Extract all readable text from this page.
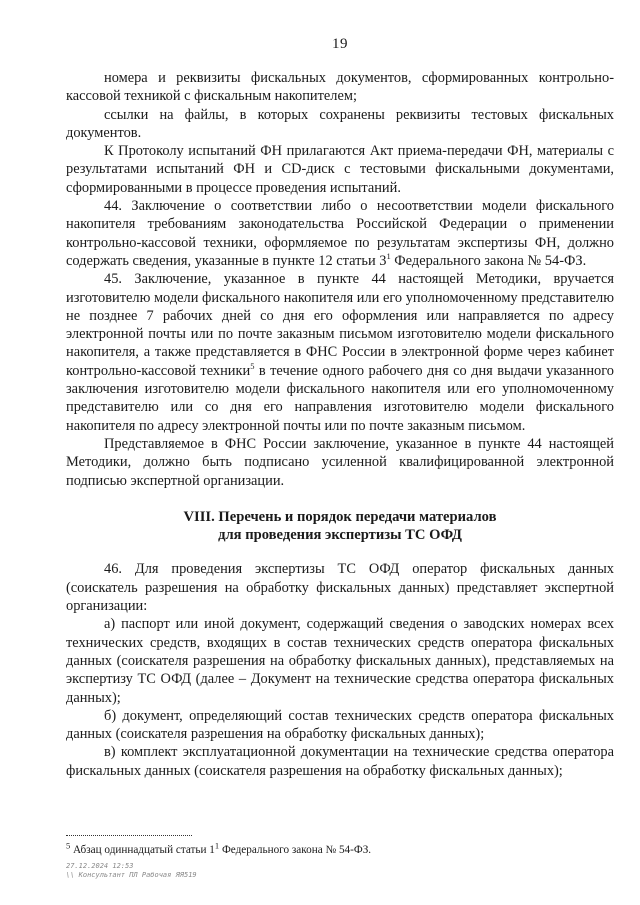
19

номера и реквизиты фискальных документов, сформированных контрольно-кассовой техникой с фискальным накопителем;

ссылки на файлы, в которых сохранены реквизиты тестовых фискальных документов.

К Протоколу испытаний ФН прилагаются Акт приема-передачи ФН, материалы с результатами испытаний ФН и CD-диск с тестовыми фискальными документами, сформированными в процессе проведения испытаний.

44. Заключение о соответствии либо о несоответствии модели фискального накопителя требованиям законодательства Российской Федерации о применении контрольно-кассовой техники, оформляемое по результатам экспертизы ФН, должно содержать сведения, указанные в пункте 12 статьи $3^1$ Федерального закона № 54-ФЗ.

45. Заключение, указанное в пункте 44 настоящей Методики, вручается изготовителю модели фискального накопителя или его уполномоченному представителю не позднее 7 рабочих дней со дня его оформления или направляется по адресу электронной почты или по почте заказным письмом изготовителю модели фискального накопителя, а также представляется в ФНС России в электронной форме через кабинет контрольно-кассовой техники$^5$ в течение одного рабочего дня со дня выдачи указанного заключения изготовителю модели фискального накопителя или его уполномоченному представителю или со дня его направления изготовителю модели фискального накопителя по адресу электронной почты или по почте заказным письмом.

Представляемое в ФНС России заключение, указанное в пункте 44 настоящей Методики, должно быть подписано усиленной квалифицированной электронной подписью экспертной организации.

VIII. Перечень и порядок передачи материалов
для проведения экспертизы ТС ОФД

46. Для проведения экспертизы ТС ОФД оператор фискальных данных (соискатель разрешения на обработку фискальных данных) представляет экспертной организации:

а) паспорт или иной документ, содержащий сведения о заводских номерах всех технических средств, входящих в состав технических средств оператора фискальных данных (соискателя разрешения на обработку фискальных данных), представляемых на экспертизу ТС ОФД (далее – Документ на технические средства оператора фискальных данных);

б) документ, определяющий состав технических средств оператора фискальных данных (соискателя разрешения на обработку фискальных данных);

в) комплект эксплуатационной документации на технические средства оператора фискальных данных (соискателя разрешения на обработку фискальных данных);

$^5$ Абзац одиннадцатый статьи $1^1$ Федерального закона № 54-ФЗ.
27.12.2024 12:53
\\ Консультант ПЛ Рабочая ЯЯ519
